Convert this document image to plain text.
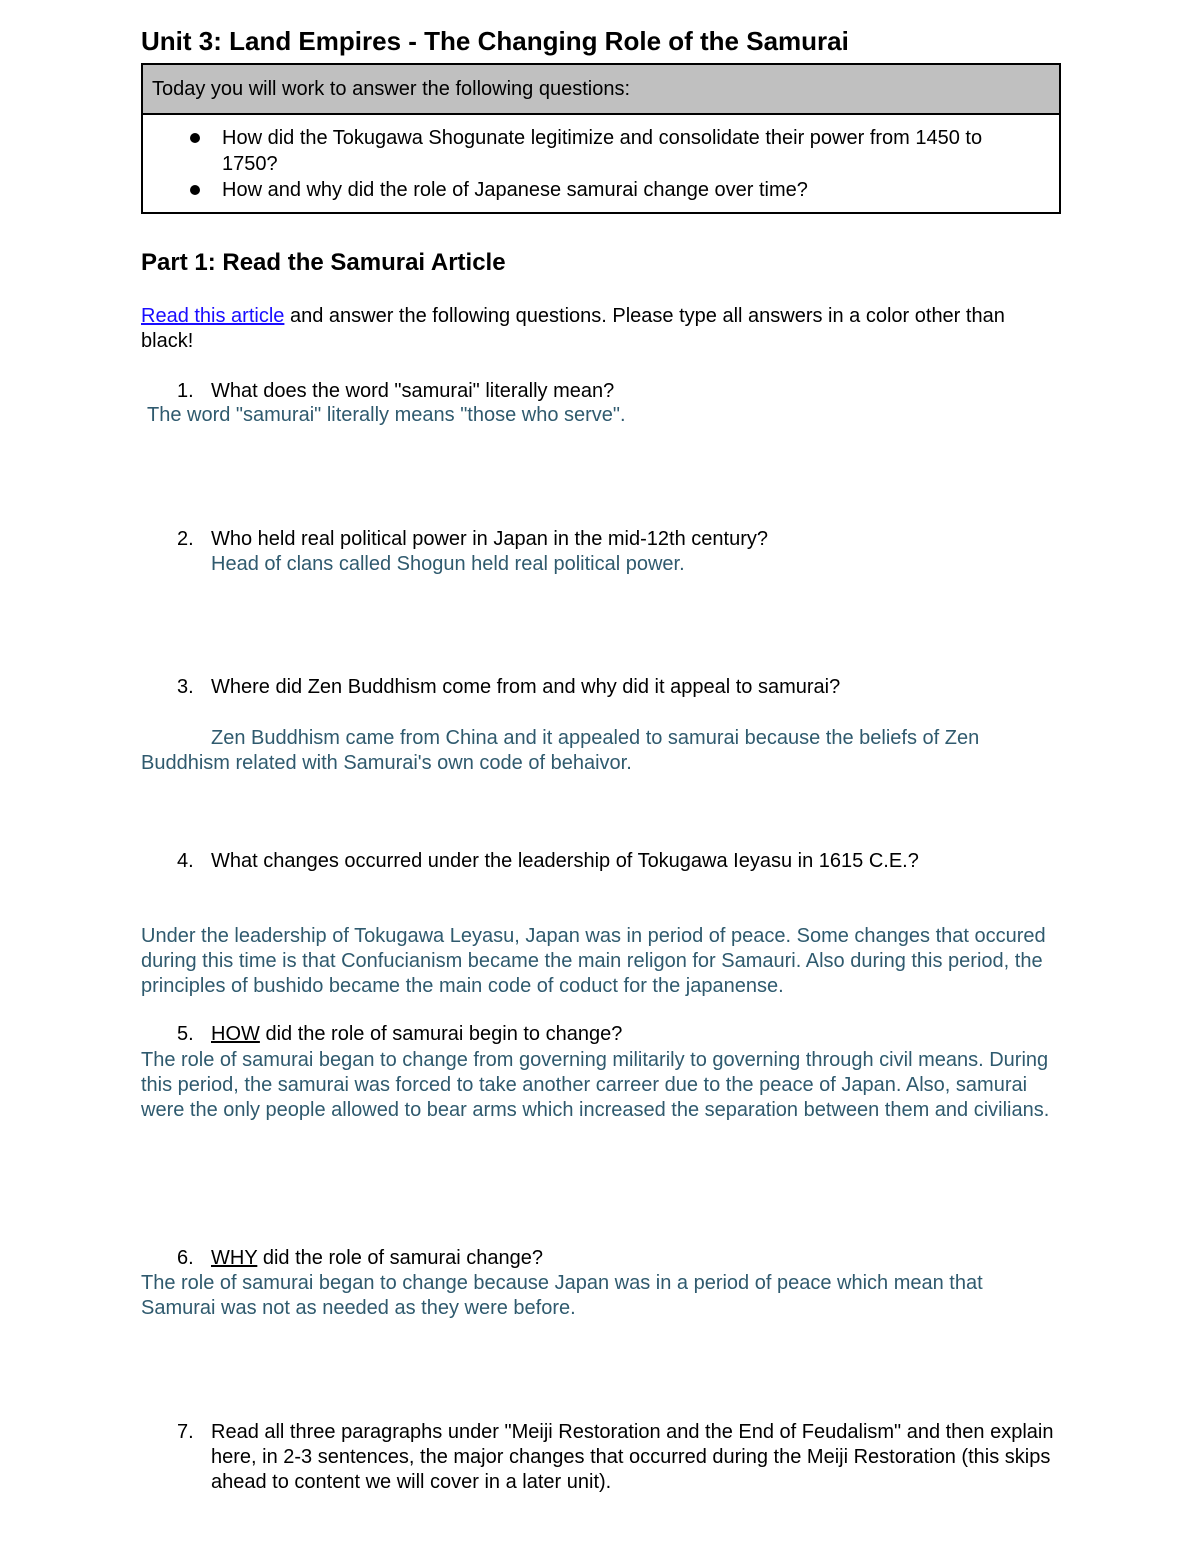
Unit 3: Land Empires - The Changing Role of the Samurai
Today you will work to answer the following questions:
How did the Tokugawa Shogunate legitimize and consolidate their power from 1450 to 1750?
How and why did the role of Japanese samurai change over time?
Part 1: Read the Samurai Article
Read this article and answer the following questions. Please type all answers in a color other than black!
1. What does the word "samurai" literally mean?
The word "samurai" literally means "those who serve".
2. Who held real political power in Japan in the mid-12th century?
Head of clans called Shogun held real political power.
3. Where did Zen Buddhism come from and why did it appeal to samurai?
Zen Buddhism came from China and it appealed to samurai because the beliefs of Zen Buddhism related with Samurai's own code of behaivor.
4. What changes occurred under the leadership of Tokugawa Ieyasu in 1615 C.E.?
Under the leadership of Tokugawa Leyasu, Japan was in period of peace. Some changes that occured during this time is that Confucianism became the main religon for Samauri. Also during this period, the principles of bushido became the main code of coduct for the japanense.
5. HOW did the role of samurai begin to change?
The role of samurai began to change from governing militarily to governing through civil means. During this period, the samurai was forced to take another carreer due to the peace of Japan. Also, samurai were the only people allowed to bear arms which increased the separation between them and civilians.
6. WHY did the role of samurai change?
The role of samurai began to change because Japan was in a period of peace which mean that Samurai was not as needed as they were before.
7. Read all three paragraphs under "Meiji Restoration and the End of Feudalism" and then explain here, in 2-3 sentences, the major changes that occurred during the Meiji Restoration (this skips ahead to content we will cover in a later unit).
